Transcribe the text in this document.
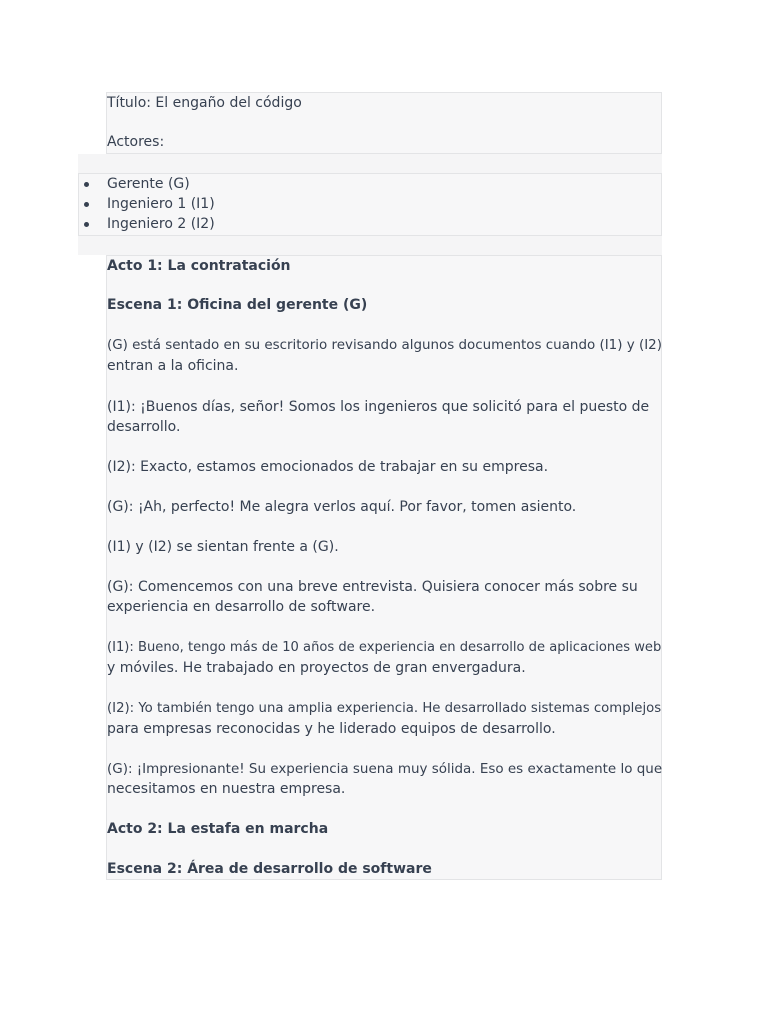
Título: El engaño del código
Actores:
Gerente (G)
Ingeniero 1 (I1)
Ingeniero 2 (I2)
Acto 1: La contratación
Escena 1: Oficina del gerente (G)
(G) está sentado en su escritorio revisando algunos documentos cuando (I1) y (I2)
entran a la oficina.
(I1): ¡Buenos días, señor! Somos los ingenieros que solicitó para el puesto de
desarrollo.
(I2): Exacto, estamos emocionados de trabajar en su empresa.
(G): ¡Ah, perfecto! Me alegra verlos aquí. Por favor, tomen asiento.
(I1) y (I2) se sientan frente a (G).
(G): Comencemos con una breve entrevista. Quisiera conocer más sobre su
experiencia en desarrollo de software.
(I1): Bueno, tengo más de 10 años de experiencia en desarrollo de aplicaciones web
y móviles. He trabajado en proyectos de gran envergadura.
(I2): Yo también tengo una amplia experiencia. He desarrollado sistemas complejos
para empresas reconocidas y he liderado equipos de desarrollo.
(G): ¡Impresionante! Su experiencia suena muy sólida. Eso es exactamente lo que
necesitamos en nuestra empresa.
Acto 2: La estafa en marcha
Escena 2: Área de desarrollo de software
